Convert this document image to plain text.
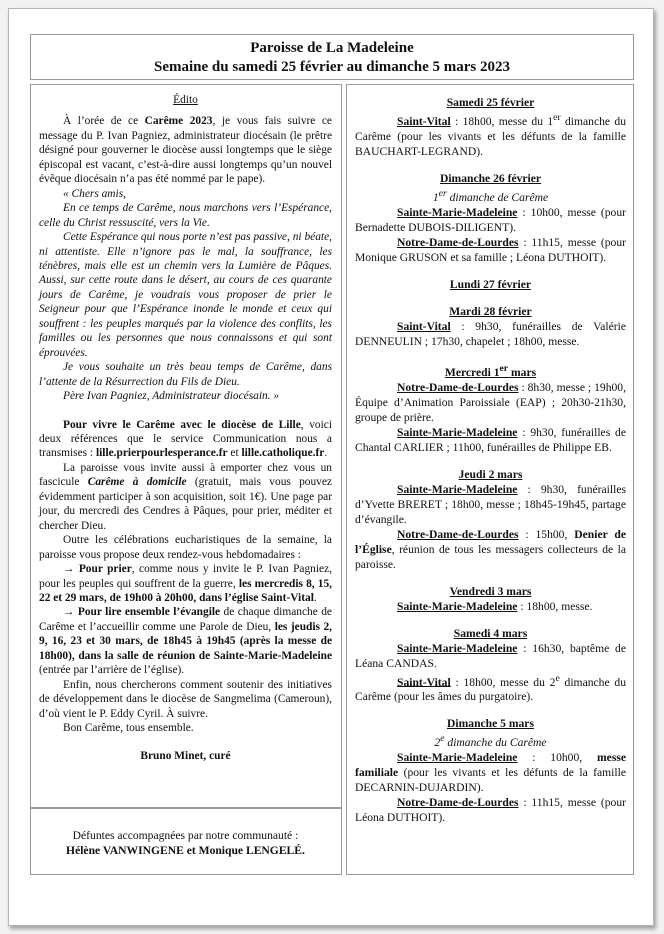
Paroisse de La Madeleine
Semaine du samedi 25 février au dimanche 5 mars 2023

Édito

À l’orée de ce Carême 2023, je vous fais suivre ce message du P. Ivan Pagniez, administrateur diocésain (le prêtre désigné pour gouverner le diocèse aussi longtemps que le siège épiscopal est vacant, c’est-à-dire aussi longtemps qu’un nouvel évêque diocésain n’a pas été nommé par le pape).

« Chers amis,

En ce temps de Carême, nous marchons vers l’Espérance, celle du Christ ressuscité, vers la Vie.

Cette Espérance qui nous porte n’est pas passive, ni béate, ni attentiste. Elle n’ignore pas le mal, la souffrance, les ténèbres, mais elle est un chemin vers la Lumière de Pâques. Aussi, sur cette route dans le désert, au cours de ces quarante jours de Carême, je voudrais vous proposer de prier le Seigneur pour que l’Espérance inonde le monde et ceux qui souffrent : les peuples marqués par la violence des conflits, les familles ou les personnes que nous connaissons et qui sont éprouvées.

Je vous souhaite un très beau temps de Carême, dans l’attente de la Résurrection du Fils de Dieu.

Père Ivan Pagniez, Administrateur diocésain. »

Pour vivre le Carême avec le diocèse de Lille, voici deux références que le service Communication nous a transmises : lille.prierpourlesperance.fr et lille.catholique.fr.

La paroisse vous invite aussi à emporter chez vous un fascicule Carême à domicile (gratuit, mais vous pouvez évidemment participer à son acquisition, soit 1€). Une page par jour, du mercredi des Cendres à Pâques, pour prier, méditer et chercher Dieu.

Outre les célébrations eucharistiques de la semaine, la paroisse vous propose deux rendez-vous hebdomadaires :

→ Pour prier, comme nous y invite le P. Ivan Pagniez, pour les peuples qui souffrent de la guerre, les mercredis 8, 15, 22 et 29 mars, de 19h00 à 20h00, dans l’église Saint-Vital.

→ Pour lire ensemble l’évangile de chaque dimanche de Carême et l’accueillir comme une Parole de Dieu, les jeudis 2, 9, 16, 23 et 30 mars, de 18h45 à 19h45 (après la messe de 18h00), dans la salle de réunion de Sainte-Marie-Madeleine (entrée par l’arrière de l’église).

Enfin, nous chercherons comment soutenir des initiatives de développement dans le diocèse de Sangmelima (Cameroun), d’où vient le P. Eddy Cyril. À suivre.

Bon Carême, tous ensemble.

Bruno Minet, curé

Défuntes accompagnées par notre communauté :

Hélène VANWINGENE et Monique LENGELÉ.

Samedi 25 février

Saint-Vital : 18h00, messe du 1er dimanche du Carême (pour les vivants et les défunts de la famille BAUCHART-LEGRAND).

Dimanche 26 février

1er dimanche de Carême

Sainte-Marie-Madeleine : 10h00, messe (pour Bernadette DUBOIS-DILIGENT).

Notre-Dame-de-Lourdes : 11h15, messe (pour Monique GRUSON et sa famille ; Léona DUTHOIT).

Lundi 27 février

Mardi 28 février

Saint-Vital : 9h30, funérailles de Valérie DENNEULIN ; 17h30, chapelet ; 18h00, messe.

Mercredi 1er mars

Notre-Dame-de-Lourdes : 8h30, messe ; 19h00, Équipe d’Animation Paroissiale (EAP) ; 20h30-21h30, groupe de prière.

Sainte-Marie-Madeleine : 9h30, funérailles de Chantal CARLIER ; 11h00, funérailles de Philippe EB.

Jeudi 2 mars

Sainte-Marie-Madeleine : 9h30, funérailles d’Yvette BRERET ; 18h00, messe ; 18h45-19h45, partage d’évangile.

Notre-Dame-de-Lourdes : 15h00, Denier de l’Église, réunion de tous les messagers collecteurs de la paroisse.

Vendredi 3 mars

Sainte-Marie-Madeleine : 18h00, messe.

Samedi 4 mars

Sainte-Marie-Madeleine : 16h30, baptême de Léana CANDAS.

Saint-Vital : 18h00, messe du 2e dimanche du Carême (pour les âmes du purgatoire).

Dimanche 5 mars

2e dimanche du Carême

Sainte-Marie-Madeleine : 10h00, messe familiale (pour les vivants et les défunts de la famille DECARNIN-DUJARDIN).

Notre-Dame-de-Lourdes : 11h15, messe (pour Léona DUTHOIT).
